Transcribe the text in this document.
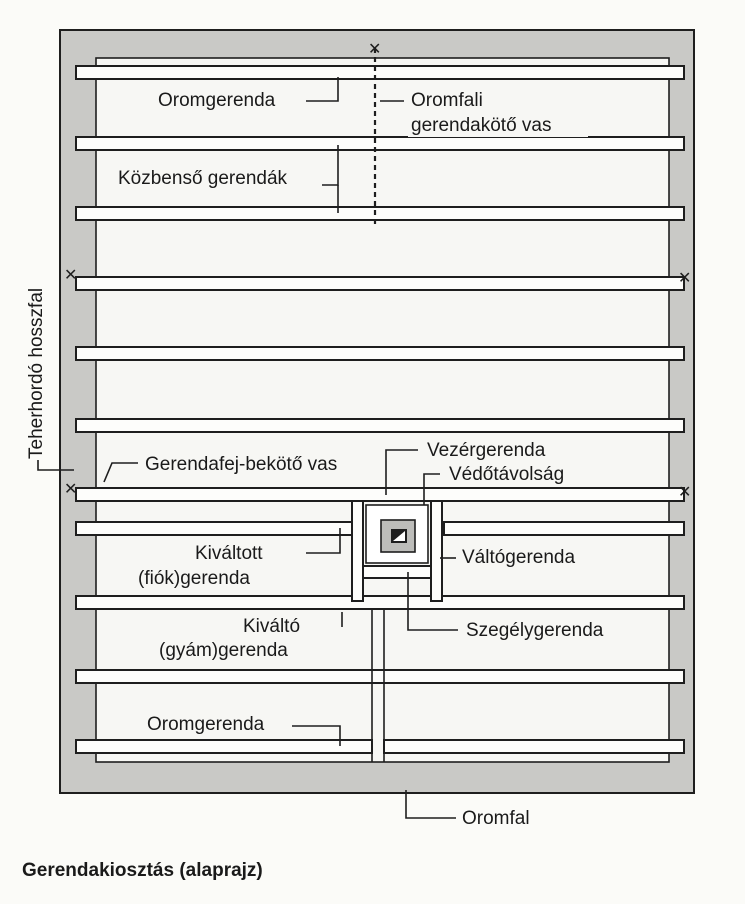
✕
✕	✕
✕	✕
Oromgerenda	Oromfali
gerendakötő vas
Közbenső gerendák
Teherhordó hosszfal
Gerendafej-bekötő vas
Vezérgerenda
Védőtávolság
Kiváltott
(fiók)gerenda
Váltógerenda
Kiváltó
(gyám)gerenda
Szegélygerenda
Oromgerenda
Oromfal
Gerendakiosztás (alaprajz)
